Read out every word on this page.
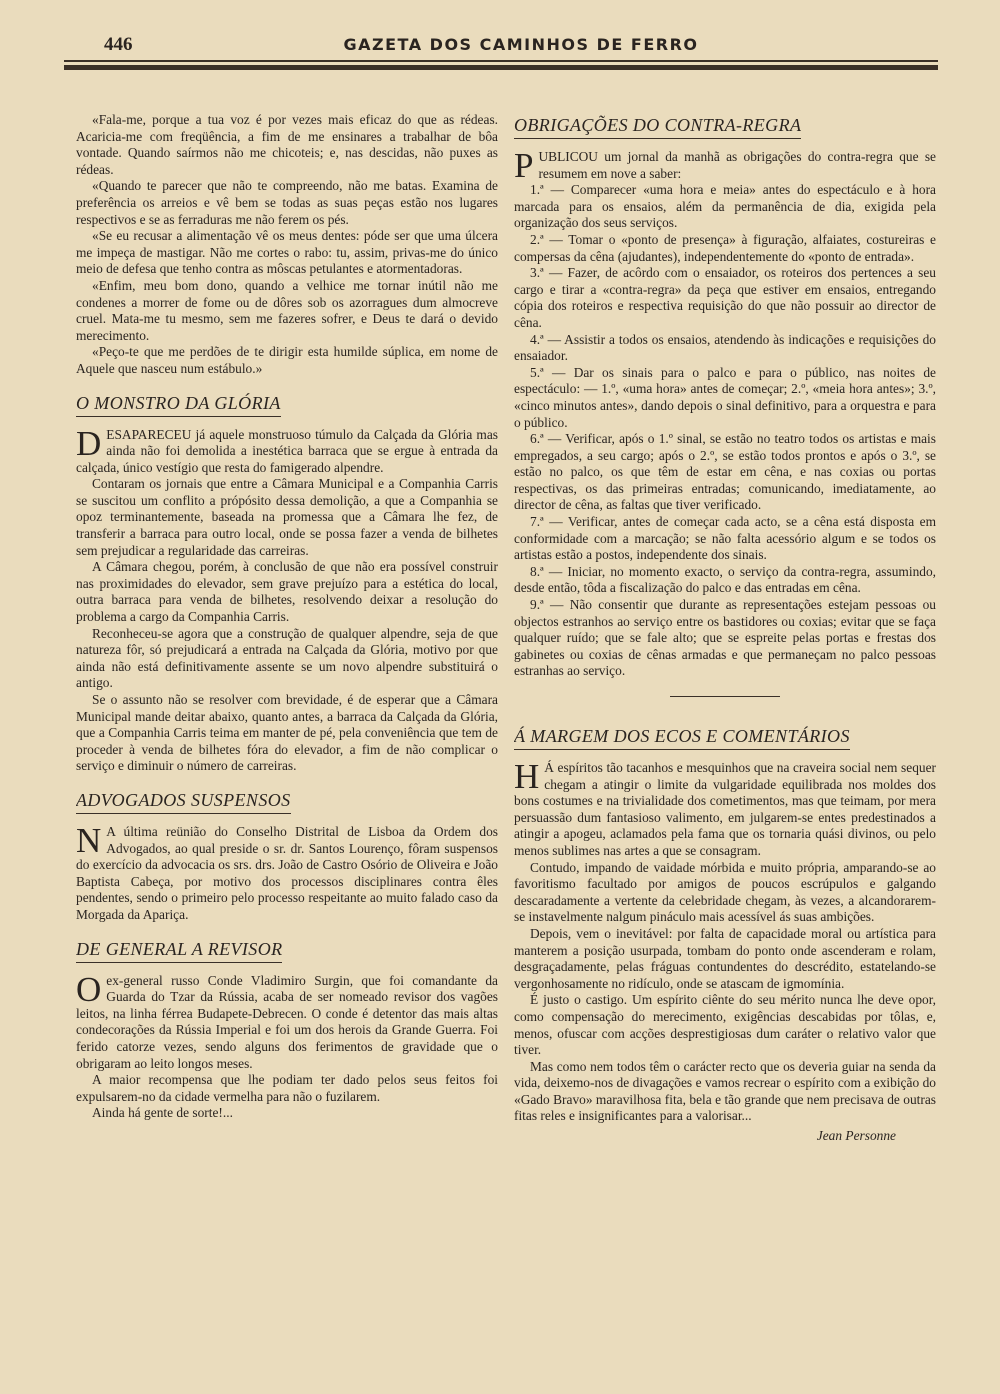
446	GAZETA DOS CAMINHOS DE FERRO

«Fala-me, porque a tua voz é por vezes mais eficaz do que as rédeas. Acaricia-me com freqüência, a fim de me ensinares a trabalhar de bôa vontade. Quando saírmos não me chicoteis; e, nas descidas, não puxes as rédeas.

«Quando te parecer que não te compreendo, não me batas. Examina de preferência os arreios e vê bem se todas as suas peças estão nos lugares respectivos e se as ferraduras me não ferem os pés.

«Se eu recusar a alimentação vê os meus dentes: póde ser que uma úlcera me impeça de mastigar. Não me cortes o rabo: tu, assim, privas-me do único meio de defesa que tenho contra as môscas petulantes e atormentadoras.

«Enfim, meu bom dono, quando a velhice me tornar inútil não me condenes a morrer de fome ou de dôres sob os azorragues dum almocreve cruel. Mata-me tu mesmo, sem me fazeres sofrer, e Deus te dará o devido merecimento.

«Peço-te que me perdões de te dirigir esta humilde súplica, em nome de Aquele que nasceu num estábulo.»

O MONSTRO DA GLÓRIA

DESAPARECEU já aquele monstruoso túmulo da Calçada da Glória mas ainda não foi demolida a inestética barraca que se ergue à entrada da calçada, único vestígio que resta do famigerado alpendre.

Contaram os jornais que entre a Câmara Municipal e a Companhia Carris se suscitou um conflito a própósito dessa demolição, a que a Companhia se opoz terminantemente, baseada na promessa que a Câmara lhe fez, de transferir a barraca para outro local, onde se possa fazer a venda de bilhetes sem prejudicar a regularidade das carreiras.

A Câmara chegou, porém, à conclusão de que não era possível construir nas proximidades do elevador, sem grave prejuízo para a estética do local, outra barraca para venda de bilhetes, resolvendo deixar a resolução do problema a cargo da Companhia Carris.

Reconheceu-se agora que a construção de qualquer alpendre, seja de que natureza fôr, só prejudicará a entrada na Calçada da Glória, motivo por que ainda não está definitivamente assente se um novo alpendre substituirá o antigo.

Se o assunto não se resolver com brevidade, é de esperar que a Câmara Municipal mande deitar abaixo, quanto antes, a barraca da Calçada da Glória, que a Companhia Carris teima em manter de pé, pela conveniência que tem de proceder à venda de bilhetes fóra do elevador, a fim de não complicar o serviço e diminuir o número de carreiras.

ADVOGADOS SUSPENSOS

N A última reünião do Conselho Distrital de Lisboa da Ordem dos Advogados, ao qual preside o sr. dr. Santos Lourenço, fôram suspensos do exercício da advocacia os srs. drs. João de Castro Osório de Oliveira e João Baptista Cabeça, por motivo dos processos disciplinares contra êles pendentes, sendo o primeiro pelo processo respeitante ao muito falado caso da Morgada da Apariça.

DE GENERAL A REVISOR

Oex-general russo Conde Vladimiro Surgin, que foi comandante da Guarda do Tzar da Rússia, acaba de ser nomeado revisor dos vagões leitos, na linha férrea Budapete-Debrecen. O conde é detentor das mais altas condecorações da Rússia Imperial e foi um dos herois da Grande Guerra. Foi ferido catorze vezes, sendo alguns dos ferimentos de gravidade que o obrigaram ao leito longos meses.

A maior recompensa que lhe podiam ter dado pelos seus feitos foi expulsarem-no da cidade vermelha para não o fuzilarem.

Ainda há gente de sorte!...

OBRIGAÇÕES DO CONTRA-REGRA

PUBLICOU um jornal da manhã as obrigações do contra-regra que se resumem em nove a saber:

1.ª — Comparecer «uma hora e meia» antes do espectáculo e à hora marcada para os ensaios, além da permanência de dia, exigida pela organização dos seus serviços.

2.ª — Tomar o «ponto de presença» à figuração, alfaiates, costureiras e compersas da cêna (ajudantes), independentemente do «ponto de entrada».

3.ª — Fazer, de acôrdo com o ensaiador, os roteiros dos pertences a seu cargo e tirar a «contra-regra» da peça que estiver em ensaios, entregando cópia dos roteiros e respectiva requisição do que não possuir ao director de cêna.

4.ª — Assistir a todos os ensaios, atendendo às indicações e requisições do ensaiador.

5.ª — Dar os sinais para o palco e para o público, nas noites de espectáculo: — 1.º, «uma hora» antes de começar; 2.º, «meia hora antes»; 3.º, «cinco minutos antes», dando depois o sinal definitivo, para a orquestra e para o público.

6.ª — Verificar, após o 1.º sinal, se estão no teatro todos os artistas e mais empregados, a seu cargo; após o 2.º, se estão todos prontos e após o 3.º, se estão no palco, os que têm de estar em cêna, e nas coxias ou portas respectivas, os das primeiras entradas; comunicando, imediatamente, ao director de cêna, as faltas que tiver verificado.

7.ª — Verificar, antes de começar cada acto, se a cêna está disposta em conformidade com a marcação; se não falta acessório algum e se todos os artistas estão a postos, independente dos sinais.

8.ª — Iniciar, no momento exacto, o serviço da contra-regra, assumindo, desde então, tôda a fiscalização do palco e das entradas em cêna.

9.ª — Não consentir que durante as representações estejam pessoas ou objectos estranhos ao serviço entre os bastidores ou coxias; evitar que se faça qualquer ruído; que se fale alto; que se espreite pelas portas e frestas dos gabinetes ou coxias de cênas armadas e que permaneçam no palco pessoas estranhas ao serviço.

Á MARGEM DOS ECOS E COMENTÁRIOS

H Á espíritos tão tacanhos e mesquinhos que na craveira social nem sequer chegam a atingir o limite da vulgaridade equilibrada nos moldes dos bons costumes e na trivialidade dos cometimentos, mas que teimam, por mera persuassão dum fantasioso valimento, em julgarem-se entes predestinados a atingir a apogeu, aclamados pela fama que os tornaria quási divinos, ou pelo menos sublimes nas artes a que se consagram.

Contudo, impando de vaidade mórbida e muito própria, amparando-se ao favoritismo facultado por amigos de poucos escrúpulos e galgando descaradamente a vertente da celebridade chegam, às vezes, a alcandorarem-se instavelmente nalgum pináculo mais acessível ás suas ambições.

Depois, vem o inevitável: por falta de capacidade moral ou artística para manterem a posição usurpada, tombam do ponto onde ascenderam e rolam, desgraçadamente, pelas fráguas contundentes do descrédito, estatelando-se vergonhosamente no ridículo, onde se atascam de igmomínia.

É justo o castigo. Um espírito ciênte do seu mérito nunca lhe deve opor, como compensação do merecimento, exigências descabidas por tôlas, e, menos, ofuscar com acções desprestigiosas dum caráter o relativo valor que tiver.

Mas como nem todos têm o carácter recto que os deveria guiar na senda da vida, deixemo-nos de divagações e vamos recrear o espírito com a exibição do «Gado Bravo» maravilhosa fita, bela e tão grande que nem precisava de outras fitas reles e insignificantes para a valorisar...

Jean Personne
